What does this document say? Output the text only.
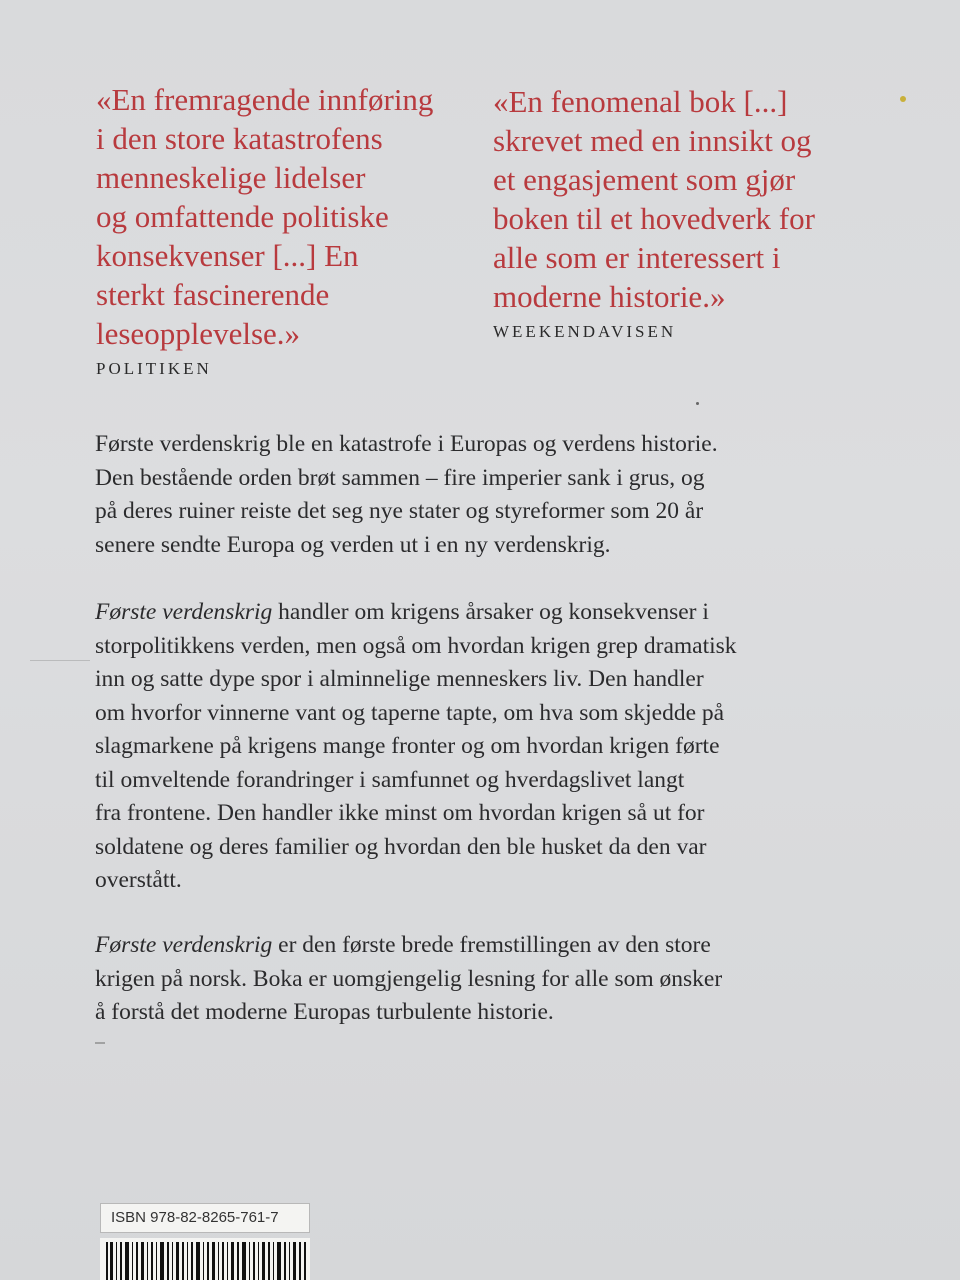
«En fremragende innføring
i den store katastrofens
menneskelige lidelser
og omfattende politiske
konsekvenser [...] En
sterkt fascinerende
leseopplevelse.»
POLITIKEN
«En fenomenal bok [...]
skrevet med en innsikt og
et engasjement som gjør
boken til et hovedverk for
alle som er interessert i
moderne historie.»
WEEKENDAVISEN
Første verdenskrig ble en katastrofe i Europas og verdens historie.
Den bestående orden brøt sammen – fire imperier sank i grus, og
på deres ruiner reiste det seg nye stater og styreformer som 20 år
senere sendte Europa og verden ut i en ny verdenskrig.
Første verdenskrig handler om krigens årsaker og konsekvenser i
storpolitikkens verden, men også om hvordan krigen grep dramatisk
inn og satte dype spor i alminnelige menneskers liv. Den handler
om hvorfor vinnerne vant og taperne tapte, om hva som skjedde på
slagmarkene på krigens mange fronter og om hvordan krigen førte
til omveltende forandringer i samfunnet og hverdagslivet langt
fra frontene. Den handler ikke minst om hvordan krigen så ut for
soldatene og deres familier og hvordan den ble husket da den var
overstått.
Første verdenskrig er den første brede fremstillingen av den store
krigen på norsk. Boka er uomgjengelig lesning for alle som ønsker
å forstå det moderne Europas turbulente historie.
ISBN 978-82-8265-761-7
